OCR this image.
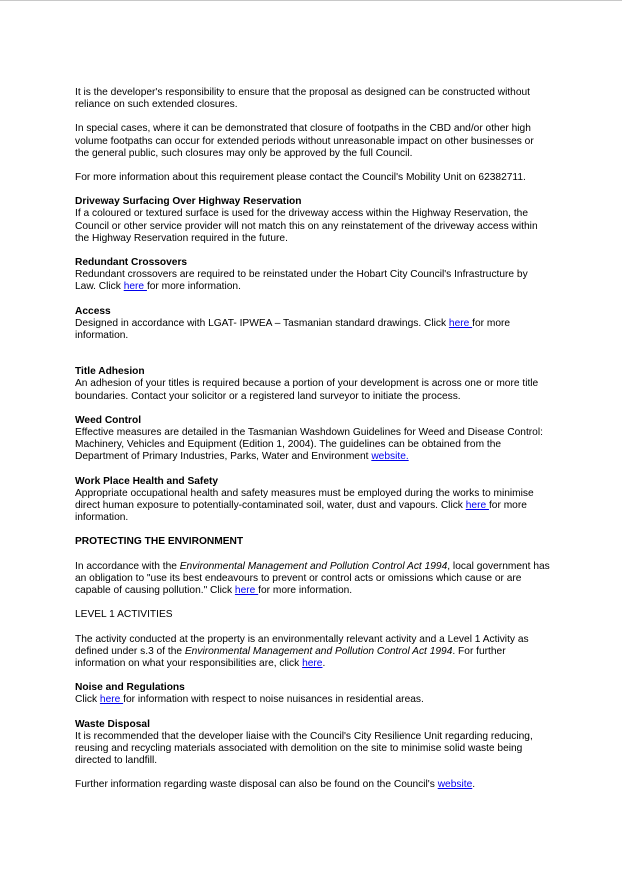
It is the developer's responsibility to ensure that the proposal as designed can be constructed without reliance on such extended closures.

In special cases, where it can be demonstrated that closure of footpaths in the CBD and/or other high volume footpaths can occur for extended periods without unreasonable impact on other businesses or the general public, such closures may only be approved by the full Council.

For more information about this requirement please contact the Council's Mobility Unit on 62382711.

Driveway Surfacing Over Highway Reservation

If a coloured or textured surface is used for the driveway access within the Highway Reservation, the Council or other service provider will not match this on any reinstatement of the driveway access within the Highway Reservation required in the future.

Redundant Crossovers

Redundant crossovers are required to be reinstated under the Hobart City Council's Infrastructure by Law. Click here for more information.

Access

Designed in accordance with LGAT- IPWEA – Tasmanian standard drawings. Click here for more information.

Title Adhesion

An adhesion of your titles is required because a portion of your development is across one or more title boundaries. Contact your solicitor or a registered land surveyor to initiate the process.

Weed Control

Effective measures are detailed in the Tasmanian Washdown Guidelines for Weed and Disease Control: Machinery, Vehicles and Equipment (Edition 1, 2004). The guidelines can be obtained from the Department of Primary Industries, Parks, Water and Environment website.

Work Place Health and Safety

Appropriate occupational health and safety measures must be employed during the works to minimise direct human exposure to potentially-contaminated soil, water, dust and vapours. Click here for more information.

PROTECTING THE ENVIRONMENT

In accordance with the Environmental Management and Pollution Control Act 1994, local government has an obligation to "use its best endeavours to prevent or control acts or omissions which cause or are capable of causing pollution." Click here for more information.

LEVEL 1 ACTIVITIES

The activity conducted at the property is an environmentally relevant activity and a Level 1 Activity as defined under s.3 of the Environmental Management and Pollution Control Act 1994. For further information on what your responsibilities are, click here.

Noise and Regulations

Click here for information with respect to noise nuisances in residential areas.

Waste Disposal

It is recommended that the developer liaise with the Council's City Resilience Unit regarding reducing, reusing and recycling materials associated with demolition on the site to minimise solid waste being directed to landfill.

Further information regarding waste disposal can also be found on the Council's website.
